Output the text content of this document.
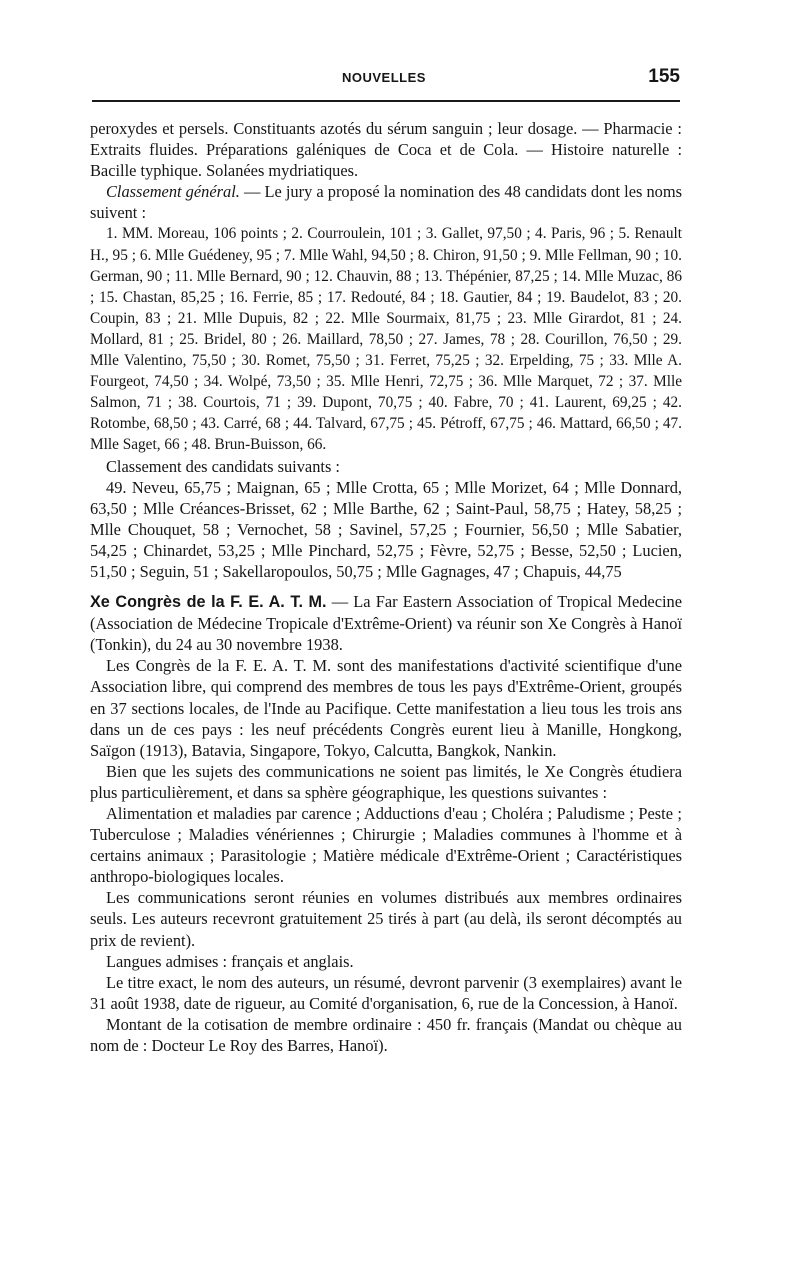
NOUVELLES	155

peroxydes et persels. Constituants azotés du sérum sanguin ; leur dosage. — Pharmacie : Extraits fluides. Préparations galéniques de Coca et de Cola. — Histoire naturelle : Bacille typhique. Solanées mydriatiques.

Classement général. — Le jury a proposé la nomination des 48 candidats dont les noms suivent :

1. MM. Moreau, 106 points ; 2. Courroulein, 101 ; 3. Gallet, 97,50 ; 4. Paris, 96 ; 5. Renault H., 95 ; 6. Mlle Guédeney, 95 ; 7. Mlle Wahl, 94,50 ; 8. Chiron, 91,50 ; 9. Mlle Fellman, 90 ; 10. German, 90 ; 11. Mlle Bernard, 90 ; 12. Chauvin, 88 ; 13. Thépénier, 87,25 ; 14. Mlle Muzac, 86 ; 15. Chastan, 85,25 ; 16. Ferrie, 85 ; 17. Redouté, 84 ; 18. Gautier, 84 ; 19. Baudelot, 83 ; 20. Coupin, 83 ; 21. Mlle Dupuis, 82 ; 22. Mlle Sourmaix, 81,75 ; 23. Mlle Girardot, 81 ; 24. Mollard, 81 ; 25. Bridel, 80 ; 26. Maillard, 78,50 ; 27. James, 78 ; 28. Courillon, 76,50 ; 29. Mlle Valentino, 75,50 ; 30. Romet, 75,50 ; 31. Ferret, 75,25 ; 32. Erpelding, 75 ; 33. Mlle A. Fourgeot, 74,50 ; 34. Wolpé, 73,50 ; 35. Mlle Henri, 72,75 ; 36. Mlle Marquet, 72 ; 37. Mlle Salmon, 71 ; 38. Courtois, 71 ; 39. Dupont, 70,75 ; 40. Fabre, 70 ; 41. Laurent, 69,25 ; 42. Rotombe, 68,50 ; 43. Carré, 68 ; 44. Talvard, 67,75 ; 45. Pétroff, 67,75 ; 46. Mattard, 66,50 ; 47. Mlle Saget, 66 ; 48. Brun-Buisson, 66.

Classement des candidats suivants :

49. Neveu, 65,75 ; Maignan, 65 ; Mlle Crotta, 65 ; Mlle Morizet, 64 ; Mlle Donnard, 63,50 ; Mlle Créances-Brisset, 62 ; Mlle Barthe, 62 ; Saint-Paul, 58,75 ; Hatey, 58,25 ; Mlle Chouquet, 58 ; Vernochet, 58 ; Savinel, 57,25 ; Fournier, 56,50 ; Mlle Sabatier, 54,25 ; Chinardet, 53,25 ; Mlle Pinchard, 52,75 ; Fèvre, 52,75 ; Besse, 52,50 ; Lucien, 51,50 ; Seguin, 51 ; Sakellaropoulos, 50,75 ; Mlle Gagnages, 47 ; Chapuis, 44,75

Xe Congrès de la F. E. A. T. M. — La Far Eastern Association of Tropical Medecine (Association de Médecine Tropicale d'Extrême-Orient) va réunir son Xe Congrès à Hanoï (Tonkin), du 24 au 30 novembre 1938.

Les Congrès de la F. E. A. T. M. sont des manifestations d'activité scientifique d'une Association libre, qui comprend des membres de tous les pays d'Extrême-Orient, groupés en 37 sections locales, de l'Inde au Pacifique. Cette manifestation a lieu tous les trois ans dans un de ces pays : les neuf précédents Congrès eurent lieu à Manille, Hongkong, Saïgon (1913), Batavia, Singapore, Tokyo, Calcutta, Bangkok, Nankin.

Bien que les sujets des communications ne soient pas limités, le Xe Congrès étudiera plus particulièrement, et dans sa sphère géographique, les questions suivantes :

Alimentation et maladies par carence ; Adductions d'eau ; Choléra ; Paludisme ; Peste ; Tuberculose ; Maladies vénériennes ; Chirurgie ; Maladies communes à l'homme et à certains animaux ; Parasitologie ; Matière médicale d'Extrême-Orient ; Caractéristiques anthropo-biologiques locales.

Les communications seront réunies en volumes distribués aux membres ordinaires seuls. Les auteurs recevront gratuitement 25 tirés à part (au delà, ils seront décomptés au prix de revient).

Langues admises : français et anglais.

Le titre exact, le nom des auteurs, un résumé, devront parvenir (3 exemplaires) avant le 31 août 1938, date de rigueur, au Comité d'organisation, 6, rue de la Concession, à Hanoï.

Montant de la cotisation de membre ordinaire : 450 fr. français (Mandat ou chèque au nom de : Docteur Le Roy des Barres, Hanoï).
